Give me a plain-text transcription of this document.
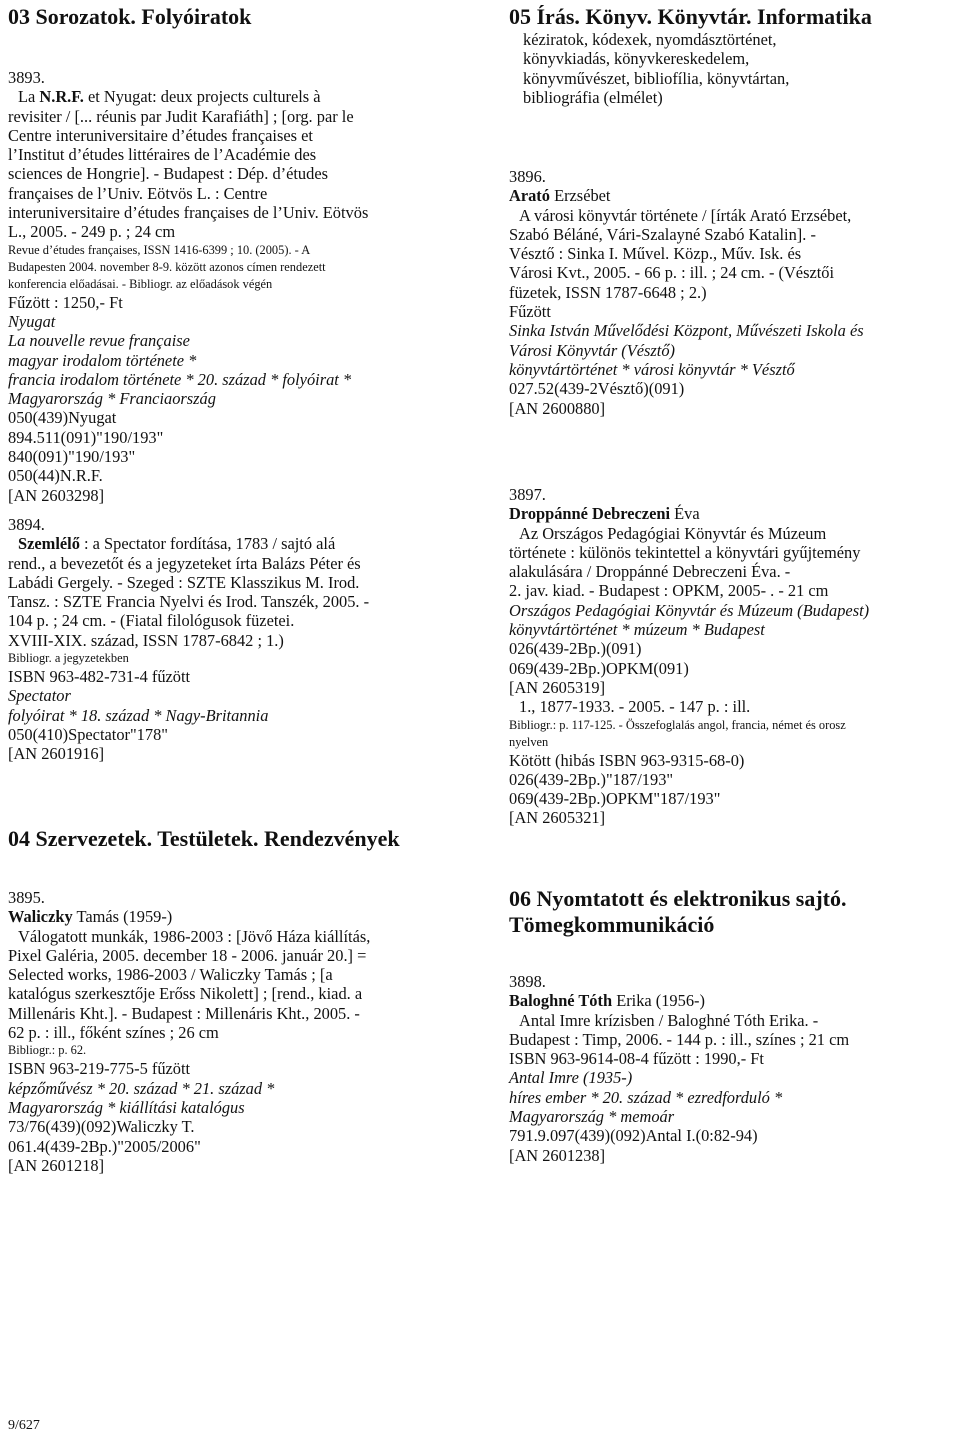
03 Sorozatok. Folyóiratok
3893.
La N.R.F. et Nyugat: deux projects culturels à
revisiter / [... réunis par Judit Karafiáth] ; [org. par le
Centre interuniversitaire d’études françaises et
l’Institut d’études littéraires de l’Académie des
sciences de Hongrie]. - Budapest : Dép. d’études
françaises de l’Univ. Eötvös L. : Centre
interuniversitaire d’études françaises de l’Univ. Eötvös
L., 2005. - 249 p. ; 24 cm
Revue d’études françaises, ISSN 1416-6399 ; 10. (2005). - A
Budapesten 2004. november 8-9. között azonos címen rendezett
konferencia előadásai. - Bibliogr. az előadások végén
Fűzött : 1250,- Ft
Nyugat
La nouvelle revue française
magyar irodalom története *
francia irodalom története * 20. század * folyóirat *
Magyarország * Franciaország
050(439)Nyugat
894.511(091)"190/193"
840(091)"190/193"
050(44)N.R.F.
[AN 2603298]
3894.
Szemlélő : a Spectator fordítása, 1783 / sajtó alá
rend., a bevezetőt és a jegyzeteket írta Balázs Péter és
Labádi Gergely. - Szeged : SZTE Klasszikus M. Irod.
Tansz. : SZTE Francia Nyelvi és Irod. Tanszék, 2005. -
104 p. ; 24 cm. - (Fiatal filológusok füzetei.
XVIII-XIX. század, ISSN 1787-6842 ; 1.)
Bibliogr. a jegyzetekben
ISBN 963-482-731-4 fűzött
Spectator
folyóirat * 18. század * Nagy-Britannia
050(410)Spectator"178"
[AN 2601916]
04 Szervezetek. Testületek. Rendezvények
3895.
Waliczky Tamás (1959-)
Válogatott munkák, 1986-2003 : [Jövő Háza kiállítás,
Pixel Galéria, 2005. december 18 - 2006. január 20.] =
Selected works, 1986-2003 / Waliczky Tamás ; [a
katalógus szerkesztője Erőss Nikolett] ; [rend., kiad. a
Millenáris Kht.]. - Budapest : Millenáris Kht., 2005. -
62 p. : ill., főként színes ; 26 cm
Bibliogr.: p. 62.
ISBN 963-219-775-5 fűzött
képzőművész * 20. század * 21. század *
Magyarország * kiállítási katalógus
73/76(439)(092)Waliczky T.
061.4(439-2Bp.)"2005/2006"
[AN 2601218]
05 Írás. Könyv. Könyvtár. Informatika
kéziratok, kódexek, nyomdásztörténet,
könyvkiadás, könyvkereskedelem,
könyvművészet, bibliofília, könyvtártan,
bibliográfia (elmélet)
3896.
Arató Erzsébet
A városi könyvtár története / [írták Arató Erzsébet,
Szabó Béláné, Vári-Szalayné Szabó Katalin]. -
Vésztő : Sinka I. Művel. Közp., Műv. Isk. és
Városi Kvt., 2005. - 66 p. : ill. ; 24 cm. - (Vésztői
füzetek, ISSN 1787-6648 ; 2.)
Fűzött
Sinka István Művelődési Központ, Művészeti Iskola és
Városi Könyvtár (Vésztő)
könyvtártörténet * városi könyvtár * Vésztő
027.52(439-2Vésztő)(091)
[AN 2600880]
3897.
Droppánné Debreczeni Éva
Az Országos Pedagógiai Könyvtár és Múzeum
története : különös tekintettel a könyvtári gyűjtemény
alakulására / Droppánné Debreczeni Éva. -
2. jav. kiad. - Budapest : OPKM, 2005- . - 21 cm
Országos Pedagógiai Könyvtár és Múzeum (Budapest)
könyvtártörténet * múzeum * Budapest
026(439-2Bp.)(091)
069(439-2Bp.)OPKM(091)
[AN 2605319]
1., 1877-1933. - 2005. - 147 p. : ill.
Bibliogr.: p. 117-125. - Összefoglalás angol, francia, német és orosz
nyelven
Kötött (hibás ISBN 963-9315-68-0)
026(439-2Bp.)"187/193"
069(439-2Bp.)OPKM"187/193"
[AN 2605321]
06 Nyomtatott és elektronikus sajtó.
Tömegkommunikáció
3898.
Baloghné Tóth Erika (1956-)
Antal Imre krízisben / Baloghné Tóth Erika. -
Budapest : Timp, 2006. - 144 p. : ill., színes ; 21 cm
ISBN 963-9614-08-4 fűzött : 1990,- Ft
Antal Imre (1935-)
híres ember * 20. század * ezredforduló *
Magyarország * memoár
791.9.097(439)(092)Antal I.(0:82-94)
[AN 2601238]
9/627
